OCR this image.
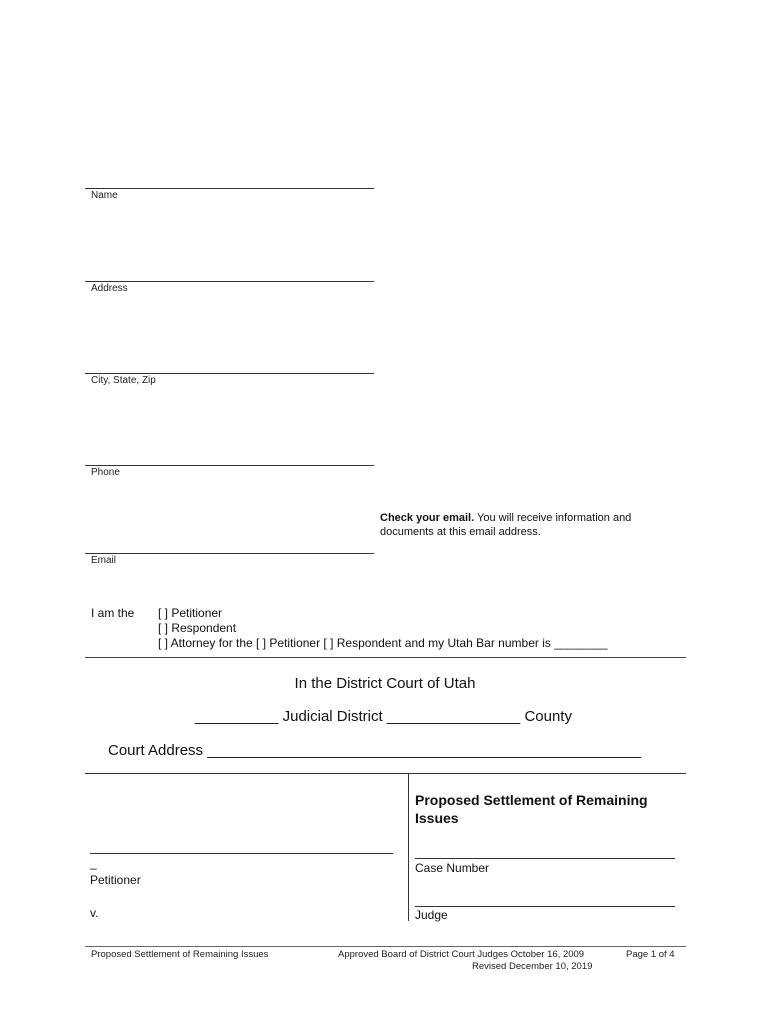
Name
Address
City, State, Zip
Phone
Check your email. You will receive information and
documents at this email address.
Email
I am the [ ] Petitioner
[ ] Respondent
[ ] Attorney for the [ ] Petitioner [ ] Respondent and my Utah Bar number is ________
In the District Court of Utah
__________ Judicial District ________________ County
Court Address ____________________________________________________
Proposed Settlement of Remaining Issues
_
Petitioner
v.
Case Number
Judge
Proposed Settlement of Remaining Issues	Approved Board of District Court Judges October 16, 2009
Revised December 10, 2019
Page 1 of 4
